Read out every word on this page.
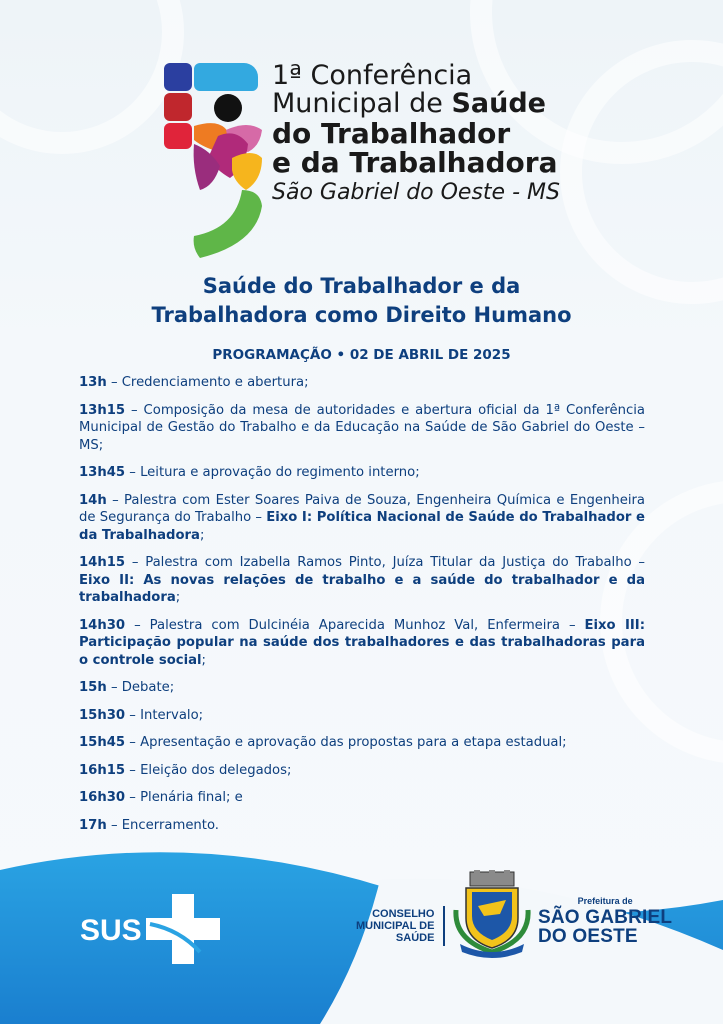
1ª Conferência
Municipal de Saúde
do Trabalhador
e da Trabalhadora
São Gabriel do Oeste - MS
Saúde do Trabalhador e da
Trabalhadora como Direito Humano
PROGRAMAÇÃO • 02 DE ABRIL DE 2025
13h – Credenciamento e abertura;
13h15 – Composição da mesa de autoridades e abertura oficial da 1ª Conferência Municipal de Gestão do Trabalho e da Educação na Saúde de São Gabriel do Oeste – MS;
13h45 – Leitura e aprovação do regimento interno;
14h – Palestra com Ester Soares Paiva de Souza, Engenheira Química e Engenheira de Segurança do Trabalho – Eixo I: Política Nacional de Saúde do Trabalhador e da Trabalhadora;
14h15 – Palestra com Izabella Ramos Pinto, Juíza Titular da Justiça do Trabalho – Eixo II: As novas relações de trabalho e a saúde do trabalhador e da trabalhadora;
14h30 – Palestra com Dulcinéia Aparecida Munhoz Val, Enfermeira – Eixo III: Participação popular na saúde dos trabalhadores e das trabalhadoras para o controle social;
15h – Debate;
15h30 – Intervalo;
15h45 – Apresentação e aprovação das propostas para a etapa estadual;
16h15 – Eleição dos delegados;
16h30 – Plenária final; e
17h – Encerramento.
SUS	CONSELHO
MUNICIPAL DE
SAÚDE
Prefeitura de
SÃO GABRIEL
DO OESTE
